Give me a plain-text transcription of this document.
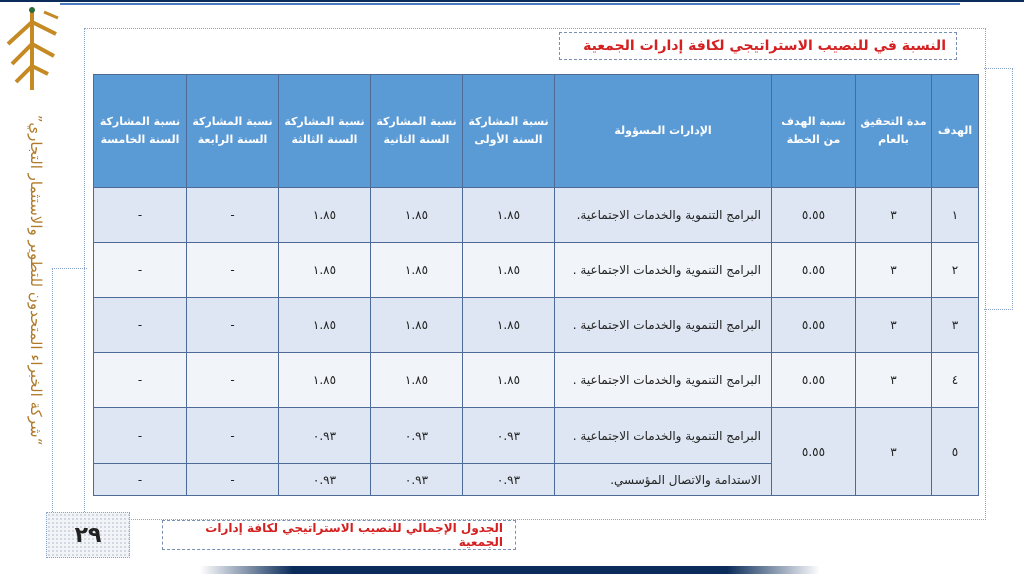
“شركة الخبراء المتحدون للتطوير والاستثمار التجاري”
النسبة في للنصيب الاستراتيجي لكافة إدارات الجمعية
الهدف	مدة التحقيق بالعام	نسبة الهدف من الخطة	الإدارات المسؤولة	نسبة المشاركة السنة الأولى	نسبة المشاركة السنة الثانية	نسبة المشاركة السنة الثالثة	نسبة المشاركة السنة الرابعة	نسبة المشاركة السنة الخامسة
١	٣	٥.٥٥	البرامج التنموية والخدمات الاجتماعية.	١.٨٥	١.٨٥	١.٨٥	-	-
٢	٣	٥.٥٥	البرامج التنموية والخدمات الاجتماعية .	١.٨٥	١.٨٥	١.٨٥	-	-
٣	٣	٥.٥٥	البرامج التنموية والخدمات الاجتماعية .	١.٨٥	١.٨٥	١.٨٥	-	-
٤	٣	٥.٥٥	البرامج التنموية والخدمات الاجتماعية .	١.٨٥	١.٨٥	١.٨٥	-	-
٥	٣	٥.٥٥	البرامج التنموية والخدمات الاجتماعية .	٠.٩٣	٠.٩٣	٠.٩٣	-	-
			الاستدامة والاتصال المؤسسي.	٠.٩٣	٠.٩٣	٠.٩٣	-	-
٢٩	الجدول الإجمالي للنصيب الاستراتيجي لكافة إدارات الجمعية
